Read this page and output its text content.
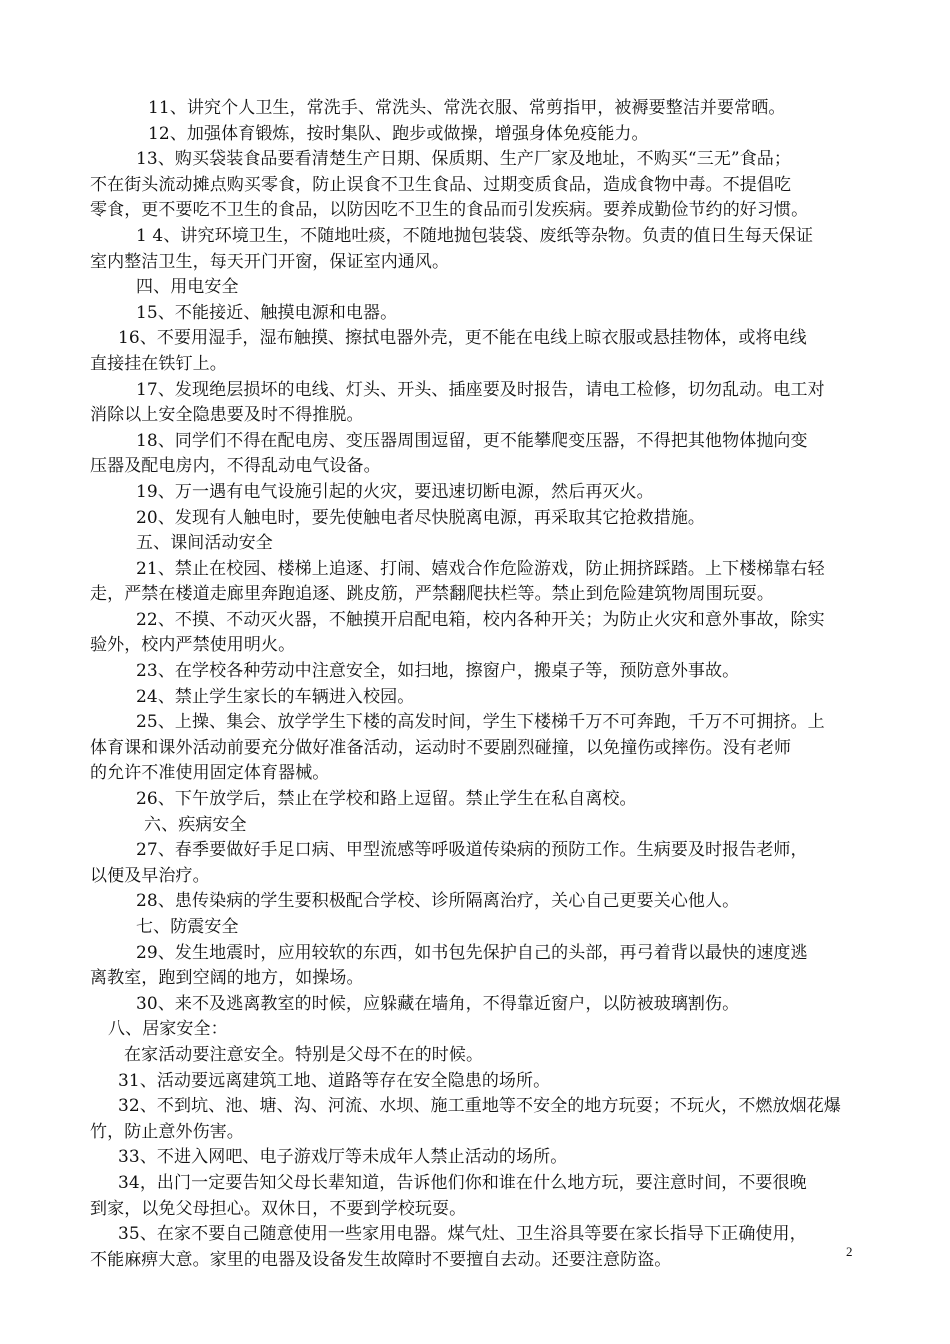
11、讲究个人卫生，常洗手、常洗头、常洗衣服、常剪指甲，被褥要整洁并要常晒。
12、加强体育锻炼，按时集队、跑步或做操，增强身体免疫能力。
13、购买袋装食品要看清楚生产日期、保质期、生产厂家及地址，不购买“三无”食品；
不在街头流动摊点购买零食，防止误食不卫生食品、过期变质食品，造成食物中毒。不提倡吃
零食，更不要吃不卫生的食品，以防因吃不卫生的食品而引发疾病。要养成勤俭节约的好习惯。
1 4、讲究环境卫生，不随地吐痰，不随地抛包装袋、废纸等杂物。负责的值日生每天保证
室内整洁卫生，每天开门开窗，保证室内通风。
四、用电安全
15、不能接近、触摸电源和电器。
16、不要用湿手，湿布触摸、擦拭电器外壳，更不能在电线上晾衣服或悬挂物体，或将电线
直接挂在铁钉上。
17、发现绝层损坏的电线、灯头、开头、插座要及时报告，请电工检修，切勿乱动。电工对
消除以上安全隐患要及时不得推脱。
18、同学们不得在配电房、变压器周围逗留，更不能攀爬变压器，不得把其他物体抛向变
压器及配电房内，不得乱动电气设备。
19、万一遇有电气设施引起的火灾，要迅速切断电源，然后再灭火。
20、发现有人触电时，要先使触电者尽快脱离电源，再采取其它抢救措施。
五、课间活动安全
21、禁止在校园、楼梯上追逐、打闹、嬉戏合作危险游戏，防止拥挤踩踏。上下楼梯靠右轻
走，严禁在楼道走廊里奔跑追逐、跳皮筋，严禁翻爬扶栏等。禁止到危险建筑物周围玩耍。
22、不摸、不动灭火器，不触摸开启配电箱，校内各种开关；为防止火灾和意外事故，除实
验外，校内严禁使用明火。
23、在学校各种劳动中注意安全，如扫地，擦窗户，搬桌子等，预防意外事故。
24、禁止学生家长的车辆进入校园。
25、上操、集会、放学学生下楼的高发时间，学生下楼梯千万不可奔跑，千万不可拥挤。上
体育课和课外活动前要充分做好准备活动，运动时不要剧烈碰撞，以免撞伤或摔伤。没有老师
的允许不准使用固定体育器械。
26、下午放学后，禁止在学校和路上逗留。禁止学生在私自离校。
六、疾病安全
27、春季要做好手足口病、甲型流感等呼吸道传染病的预防工作。生病要及时报告老师，
以便及早治疗。
28、患传染病的学生要积极配合学校、诊所隔离治疗，关心自己更要关心他人。
七、防震安全
29、发生地震时，应用较软的东西，如书包先保护自己的头部，再弓着背以最快的速度逃
离教室，跑到空阔的地方，如操场。
30、来不及逃离教室的时候，应躲藏在墙角，不得靠近窗户，以防被玻璃割伤。
八、居家安全：
在家活动要注意安全。特别是父母不在的时候。
31、活动要远离建筑工地、道路等存在安全隐患的场所。
32、不到坑、池、塘、沟、河流、水坝、施工重地等不安全的地方玩耍；不玩火，不燃放烟花爆
竹，防止意外伤害。
33、不进入网吧、电子游戏厅等未成年人禁止活动的场所。
34，出门一定要告知父母长辈知道，告诉他们你和谁在什么地方玩，要注意时间，不要很晚
到家，以免父母担心。双休日，不要到学校玩耍。
35、在家不要自己随意使用一些家用电器。煤气灶、卫生浴具等要在家长指导下正确使用，
不能麻痹大意。家里的电器及设备发生故障时不要擅自去动。还要注意防盗。	2
